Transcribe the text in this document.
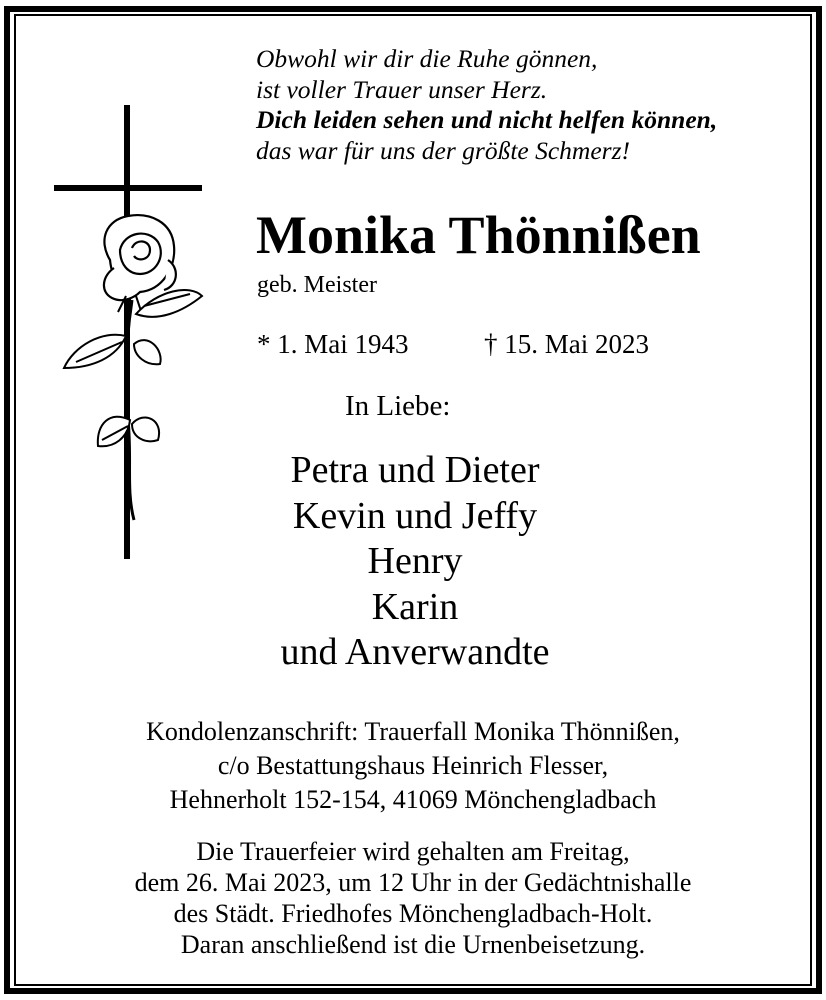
Obwohl wir dir die Ruhe gönnen,
ist voller Trauer unser Herz.
Dich leiden sehen und nicht helfen können,
das war für uns der größte Schmerz!
Monika Thönnißen
geb. Meister
* 1. Mai 1943	† 15. Mai 2023
In Liebe:
Petra und Dieter
Kevin und Jeffy
Henry
Karin
und Anverwandte
Kondolenzanschrift: Trauerfall Monika Thönnißen,
c/o Bestattungshaus Heinrich Flesser,
Hehnerholt 152-154, 41069 Mönchengladbach
Die Trauerfeier wird gehalten am Freitag,
dem 26. Mai 2023, um 12 Uhr in der Gedächtnishalle
des Städt. Friedhofes Mönchengladbach-Holt.
Daran anschließend ist die Urnenbeisetzung.
